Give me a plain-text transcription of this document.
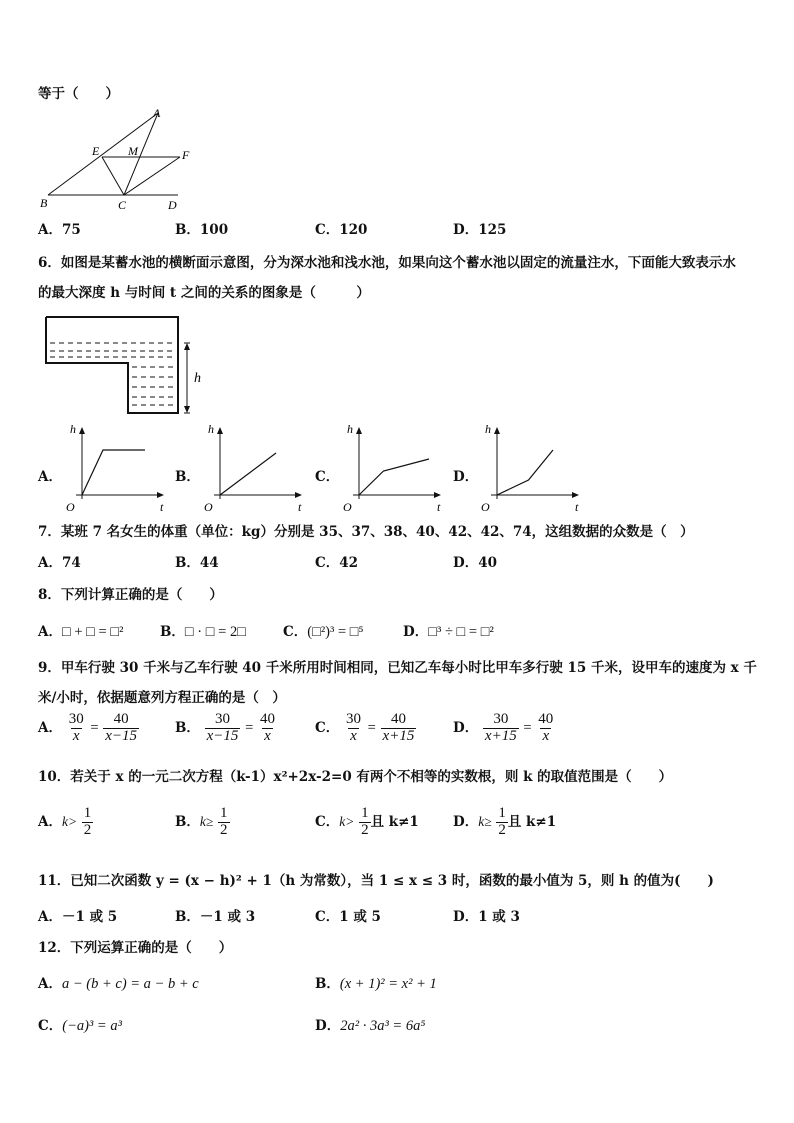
等于（　　）
A
E M	F
B	C	D
A．75	B．100	C．120	D．125
6．如图是某蓄水池的横断面示意图，分为深水池和浅水池，如果向这个蓄水池以固定的流量注水，下面能大致表示水
的最大深度 h 与时间 t 之间的关系的图象是（　　　）
h
A．	B．	C．	D．
h
t
O
h
t
O
h
t
O
h
t
O
7．某班 7 名女生的体重（单位：kg）分别是 35、37、38、40、42、42、74，这组数据的众数是（　）
A．74	B．44	C．42	D．40
8．下列计算正确的是（　　）
A．□ + □ = □²	B．□ · □ = 2□	C．(□²)³ = □⁵	D．□³ ÷ □ = □²
9．甲车行驶 30 千米与乙车行驶 40 千米所用时间相同，已知乙车每小时比甲车多行驶 15 千米，设甲车的速度为 x 千
米/小时，依据题意列方程正确的是（　）
A． $\frac{30}{x} = \frac{40}{x-15}$	B． $\frac{30}{x-15} = \frac{40}{x}$	C． $\frac{30}{x} = \frac{40}{x+15}$	D． $\frac{30}{x+15} = \frac{40}{x}$
10．若关于 x 的一元二次方程（k-1）x²+2x-2=0 有两个不相等的实数根，则 k 的取值范围是（　　）
A．$k> \frac{1}{2}$	B．$k\ge \frac{1}{2}$	C．$k> \frac{1}{2}$ 且 k≠1	D．$k\ge \frac{1}{2}$ 且 k≠1
11．已知二次函数 y = (x − h)² + 1（h 为常数），当 1 ≤ x ≤ 3 时，函数的最小值为 5，则 h 的值为(　　)
A．－1 或 5	B．－1 或 3	C．1 或 5	D．1 或 3
12．下列运算正确的是（　　）
A．a − (b + c) = a − b + c	B．(x + 1)² = x² + 1
C．(−a)³ = a³	D．2a² · 3a³ = 6a⁵
